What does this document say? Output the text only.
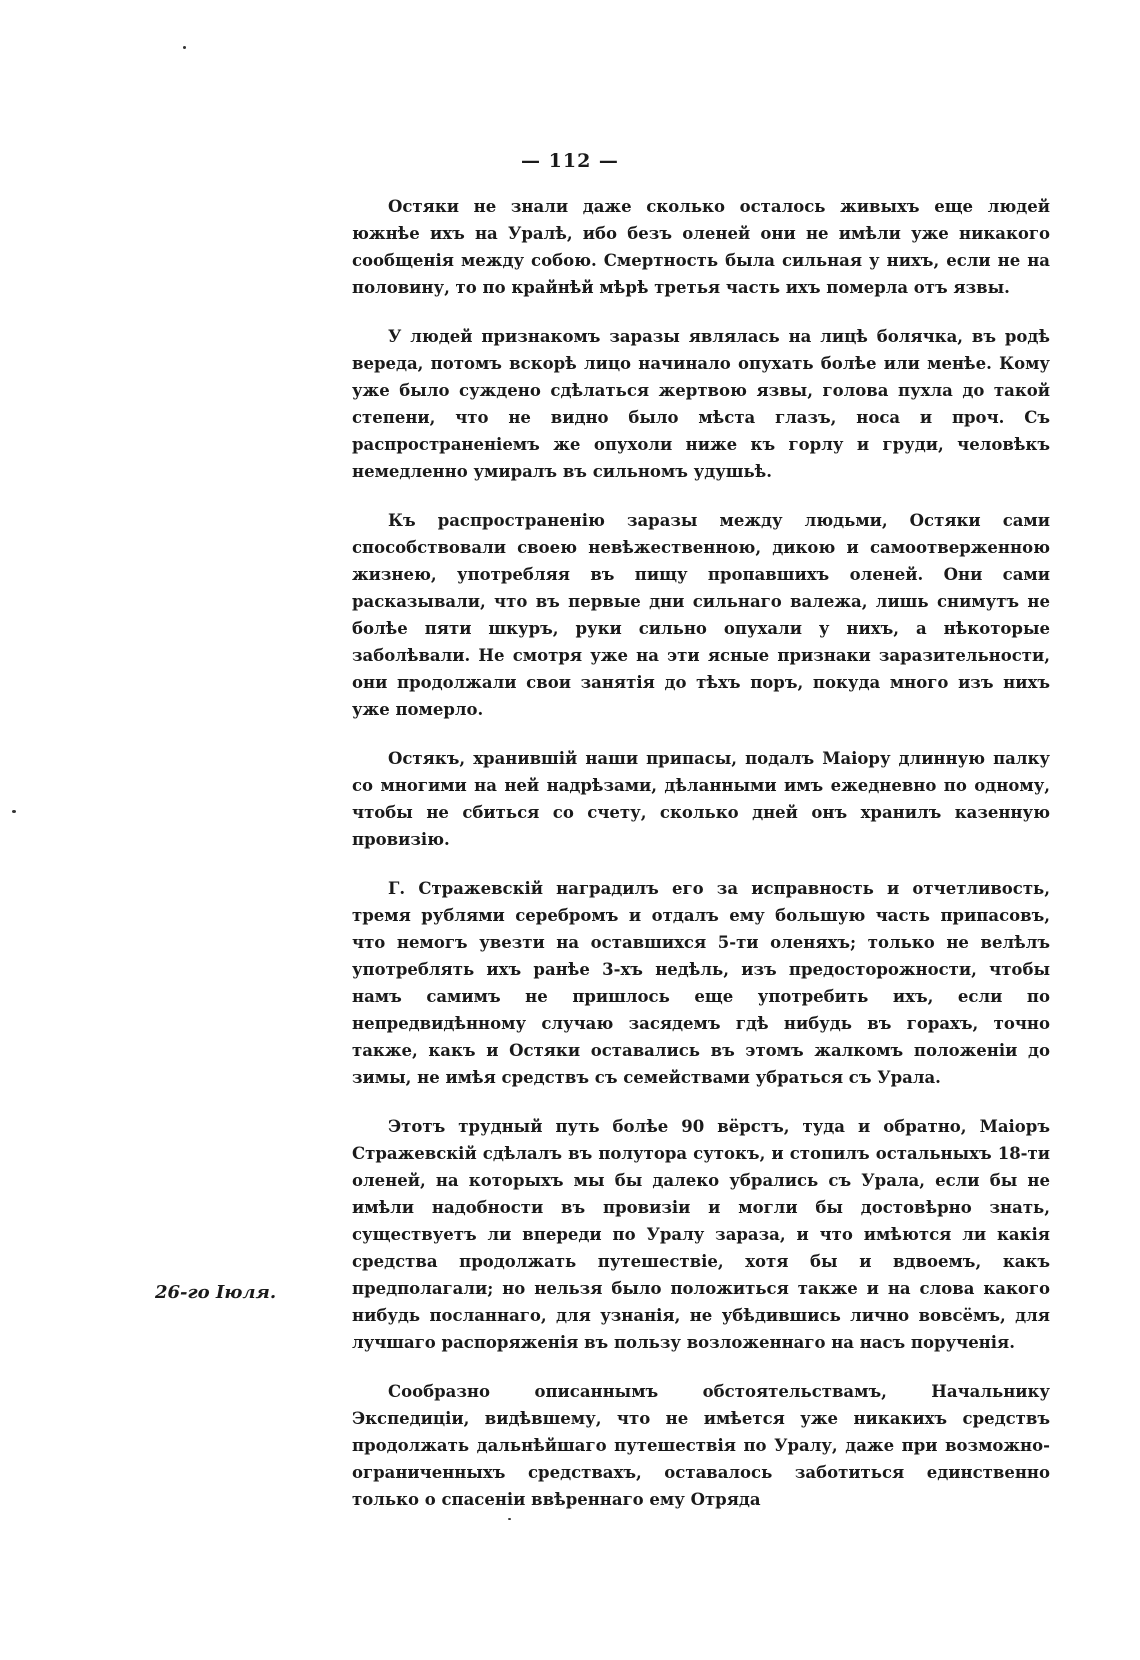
— 112 —
26-го Іюля.

Остяки не знали даже сколько осталось живыхъ еще людей южнѣе ихъ на Уралѣ, ибо безъ оленей они не имѣли уже никакого сообщенія между собою. Смертность была сильная у нихъ, если не на половину, то по крайнѣй мѣрѣ третья часть ихъ померла отъ язвы.

У людей признакомъ заразы являлась на лицѣ болячка, въ родѣ вереда, потомъ вскорѣ лицо начинало опухать болѣе или менѣе. Кому уже было суждено сдѣлаться жертвою язвы, голова пухла до такой степени, что не видно было мѣста глазъ, носа и проч. Съ распространеніемъ же опухоли ниже къ горлу и груди, человѣкъ немедленно умиралъ въ сильномъ удушьѣ.

Къ распространенію заразы между людьми, Остяки сами способствовали своею невѣжественною, дикою и самоотверженною жизнею, употребляя въ пищу пропавшихъ оленей. Они сами расказывали, что въ первые дни сильнаго валежа, лишь снимутъ не болѣе пяти шкуръ, руки сильно опухали у нихъ, а нѣкоторые заболѣвали. Не смотря уже на эти ясные признаки заразительности, они продолжали свои занятія до тѣхъ поръ, покуда много изъ нихъ уже померло.

Остякъ, хранившій наши припасы, подалъ Маіору длинную палку со многими на ней надрѣзами, дѣланными имъ ежедневно по одному, чтобы не сбиться со счету, сколько дней онъ хранилъ казенную провизію.

Г. Стражевскій наградилъ его за исправность и отчетливость, тремя рублями серебромъ и отдалъ ему большую часть припасовъ, что немогъ увезти на оставшихся 5-ти оленяхъ; только не велѣлъ употреблять ихъ ранѣе 3-хъ недѣль, изъ предосторожности, чтобы намъ самимъ не пришлось еще употребить ихъ, если по непредвидѣнному случаю засядемъ гдѣ нибудь въ горахъ, точно также, какъ и Остяки оставались въ этомъ жалкомъ положеніи до зимы, не имѣя средствъ съ семействами убраться съ Урала.

Этотъ трудный путь болѣе 90 вёрстъ, туда и обратно, Маіоръ Стражевскій сдѣлалъ въ полутора сутокъ, и стопилъ остальныхъ 18-ти оленей, на которыхъ мы бы далеко убрались съ Урала, если бы не имѣли надобности въ провизіи и могли бы достовѣрно знать, существуетъ ли впереди по Уралу зараза, и что имѣются ли какія средства продолжать путешествіе, хотя бы и вдвоемъ, какъ предполагали; но нельзя было положиться также и на слова какого нибудь посланнаго, для узнанія, не убѣдившись лично вовсёмъ, для лучшаго распоряженія въ пользу возложеннаго на насъ порученія.

Сообразно описаннымъ обстоятельствамъ, Начальнику Экспедиціи, видѣвшему, что не имѣется уже никакихъ средствъ продолжать дальнѣйшаго путешествія по Уралу, даже при возможно-ограниченныхъ средствахъ, оставалось заботиться единственно только о спасеніи ввѣреннаго ему Отряда
